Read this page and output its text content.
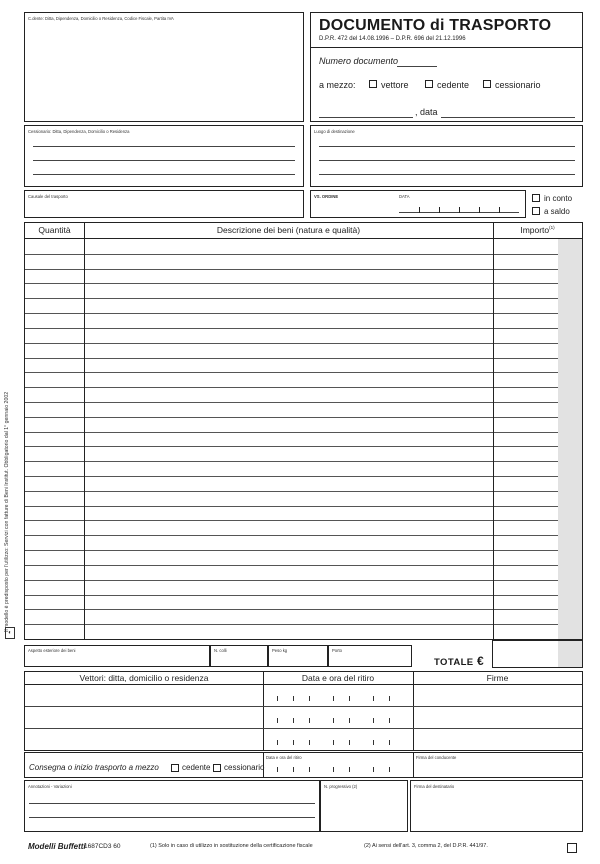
C.dente: Ditta, Dipendenza, Domicilio o Residenza, Codice Fiscale, Partita IVA	DOCUMENTO di TRASPORTO
D.P.R. 472 del 14.08.1996 – D.P.R. 696 del 21.12.1996
Numero documento
a mezzo:	vettore	cedente	cessionario
, data
Cessionario: Ditta, Dipendenza, Domicilio o Residenza	Luogo di destinazione
Causale del trasporto	VS. ORDINE	DATA	in conto
a saldo
Quantità	Descrizione dei beni (natura e qualità)	Importo$^{(1)}$
Il modello è predisposto per l'utilizzo: Servizi con fatture di Beni Institut. Obbligatorio dal 1° gennaio 2002
◐
Aspetto esteriore dei beni	N. colli	Peso kg	Porto
TOTALE €
Vettori: ditta, domicilio o residenza	Data e ora del ritiro	Firme
Consegna o inizio trasporto a mezzo	cedente cessionario
Data e ora del ritiro	Firma del conducente
Annotazioni - Variazioni	N. progressivo (2)	Firma del destinatario
Modelli Buffetti
1687CD3 60	(1) Solo in caso di utilizzo in sostituzione della certificazione fiscale	(2) Ai sensi dell'art. 3, comma 2, del D.P.R. 441/97.
